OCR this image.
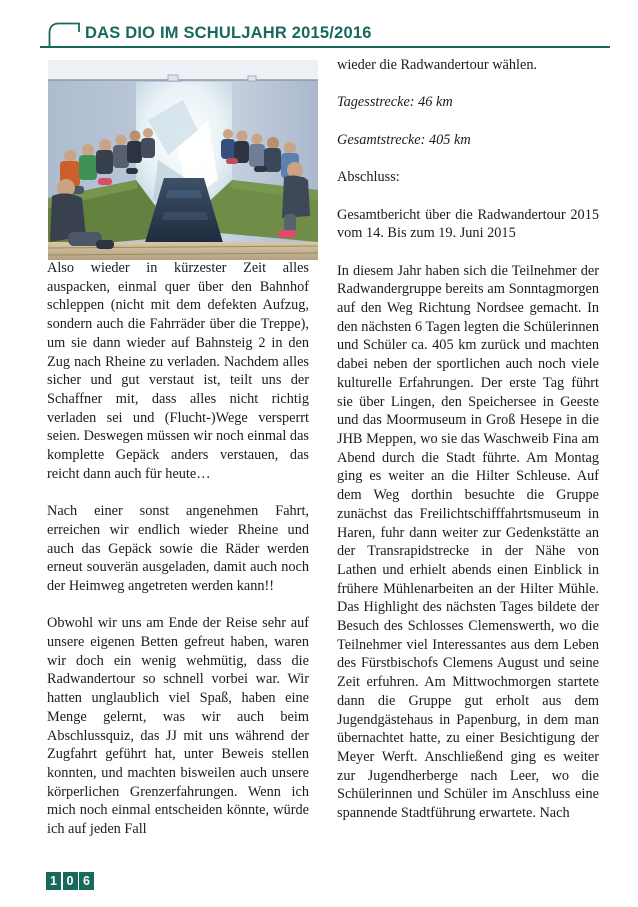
DAS DIO IM SCHULJAHR 2015/2016

Also wieder in kürzester Zeit alles auspacken, einmal quer über den Bahnhof schleppen (nicht mit dem defekten Aufzug, sondern auch die Fahrräder über die Treppe), um sie dann wieder auf Bahnsteig 2 in den Zug nach Rheine zu verladen. Nachdem alles sicher und gut verstaut ist, teilt uns der Schaffner mit, dass alles nicht richtig verladen sei und (Flucht-)Wege versperrt seien. Deswegen müssen wir noch einmal das komplette Gepäck anders verstauen, das reicht dann auch für heute…

Nach einer sonst angenehmen Fahrt, erreichen wir endlich wieder Rheine und auch das Gepäck sowie die Räder werden erneut souverän ausgeladen, damit auch noch der Heimweg angetreten werden kann!!

Obwohl wir uns am Ende der Reise sehr auf unsere eigenen Betten gefreut haben, waren wir doch ein wenig wehmütig, dass die Radwandertour so schnell vorbei war. Wir hatten unglaublich viel Spaß, haben eine Menge gelernt, was wir auch beim Abschlussquiz, das JJ mit uns während der Zugfahrt geführt hat, unter Beweis stellen konnten, und machten bisweilen auch unsere körperlichen Grenzerfahrungen. Wenn ich mich noch einmal entscheiden könnte, würde ich auf jeden Fall

wieder die Radwandertour wählen.

Tagesstrecke: 46 km

Gesamtstrecke: 405 km

Abschluss:

Gesamtbericht über die Radwandertour 2015 vom 14. Bis zum 19. Juni 2015

In diesem Jahr haben sich die Teilnehmer der Radwandergruppe bereits am Sonntagmorgen auf den Weg Richtung Nordsee gemacht. In den nächsten 6 Tagen legten die Schülerinnen und Schüler ca. 405 km zurück und machten dabei neben der sportlichen auch noch viele kulturelle Erfahrungen. Der erste Tag führt sie über Lingen, den Speichersee in Geeste und das Moormuseum in Groß Hesepe in die JHB Meppen, wo sie das Waschweib Fina am Abend durch die Stadt führte. Am Montag ging es weiter an die Hilter Schleuse. Auf dem Weg dorthin besuchte die Gruppe zunächst das Freilichtschifffahrtsmuseum in Haren, fuhr dann weiter zur Gedenkstätte an der Transrapidstrecke in der Nähe von Lathen und erhielt abends einen Einblick in frühere Mühlenarbeiten an der Hilter Mühle. Das Highlight des nächsten Tages bildete der Besuch des Schlosses Clemenswerth, wo die Teilnehmer viel Interessantes aus dem Leben des Fürstbischofs Clemens August und seine Zeit erfuhren. Am Mittwochmorgen startete dann die Gruppe gut erholt aus dem Jugendgästehaus in Papenburg, in dem man übernachtet hatte, zu einer Besichtigung der Meyer Werft. Anschließend ging es weiter zur Jugendherberge nach Leer, wo die Schülerinnen und Schüler im Anschluss eine spannende Stadtführung erwartete. Nach

1 0 6
